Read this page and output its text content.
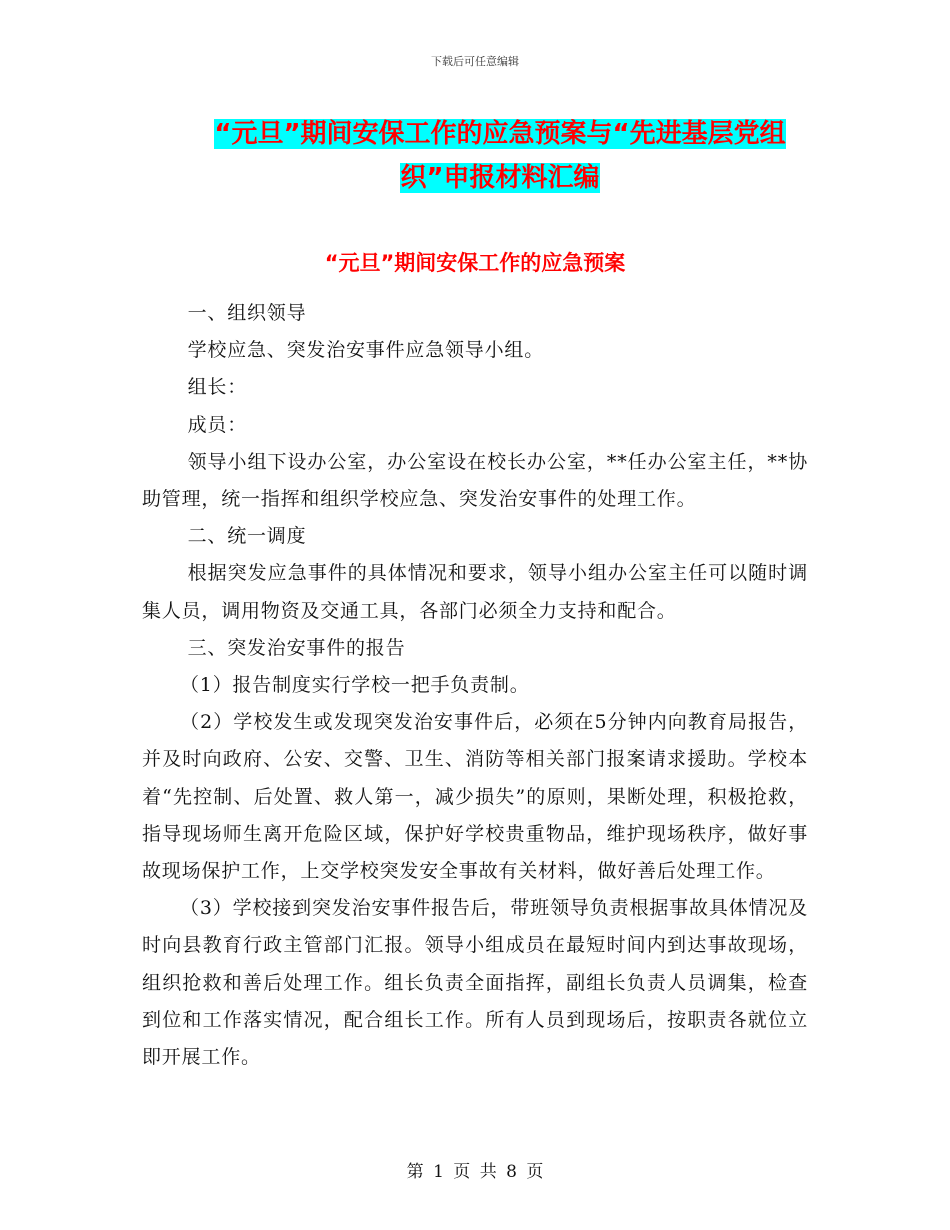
下载后可任意编辑
“元旦”期间安保工作的应急预案与“先进基层党组
织”申报材料汇编
“元旦”期间安保工作的应急预案

一、组织领导

学校应急、突发治安事件应急领导小组。

组长：

成员：

领导小组下设办公室，办公室设在校长办公室，**任办公室主任，**协助管理，统一指挥和组织学校应急、突发治安事件的处理工作。

二、统一调度

根据突发应急事件的具体情况和要求，领导小组办公室主任可以随时调集人员，调用物资及交通工具，各部门必须全力支持和配合。

三、突发治安事件的报告

（1）报告制度实行学校一把手负责制。

（2）学校发生或发现突发治安事件后，必须在5分钟内向教育局报告，并及时向政府、公安、交警、卫生、消防等相关部门报案请求援助。学校本着“先控制、后处置、救人第一，减少损失”的原则，果断处理，积极抢救，指导现场师生离开危险区域，保护好学校贵重物品，维护现场秩序，做好事故现场保护工作，上交学校突发安全事故有关材料，做好善后处理工作。

（3）学校接到突发治安事件报告后，带班领导负责根据事故具体情况及时向县教育行政主管部门汇报。领导小组成员在最短时间内到达事故现场，组织抢救和善后处理工作。组长负责全面指挥，副组长负责人员调集，检查到位和工作落实情况，配合组长工作。所有人员到现场后，按职责各就位立即开展工作。

第 1 页 共 8 页
